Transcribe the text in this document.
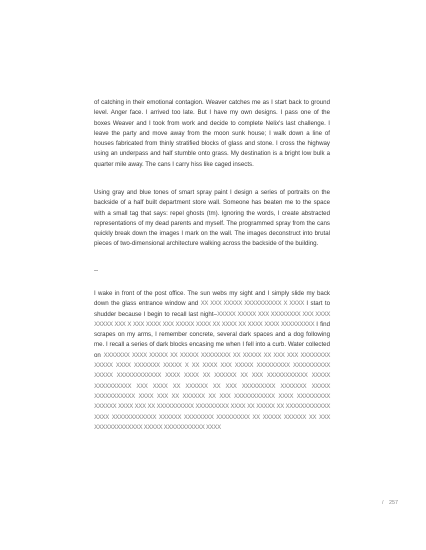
of catching in their emotional contagion. Weaver catches me as I start back to ground level. Anger face. I arrived too late. But I have my own designs. I pass one of the boxes Weaver and I took from work and decide to complete Nelix's last challenge. I leave the party and move away from the moon sunk house; I walk down a line of houses fabricated from thinly stratified blocks of glass and stone. I cross the highway using an underpass and half stumble onto grass. My destination is a bright low bulk a quarter mile away. The cans I carry hiss like caged insects.

Using gray and blue tones of smart spray paint I design a series of portraits on the backside of a half built department store wall. Someone has beaten me to the space with a small tag that says: repel ghosts (tm). Ignoring the words, I create abstracted representations of my dead parents and myself. The programmed spray from the cans quickly break down the images I mark on the wall. The images deconstruct into brutal pieces of two-dimensional architecture walking across the backside of the building.

--

I wake in front of the post office. The sun webs my sight and I simply slide my back down the glass entrance window and XX XXX XXXXX XXXXXXXXXX X XXXX I start to shudder because I begin to recall last night–XXXXX XXXXX XXX XXXXXXXX XXX XXXX XXXXX XXX X XXX XXXX XXX XXXXX XXXX XX XXXX XX XXXX XXXX XXXXXXXXX I find scrapes on my arms, I remember concrete, several dark spaces and a dog following me. I recall a series of dark blocks encasing me when I fell into a curb. Water collected on XXXXXXX XXXX XXXXX XX XXXXX XXXXXXXX XX XXXXX XX XXX XXX XXXXXXXX XXXXX XXXX XXXXXXX XXXXX X XX XXXX XXX XXXXX XXXXXXXXX XXXXXXXXXX XXXXX XXXXXXXXXXXX XXXX XXXX XX XXXXXX XX XXX XXXXXXXXXXX XXXXX XXXXXXXXXX XXX XXXX XX XXXXXX XX XXX XXXXXXXXX XXXXXXX XXXXX XXXXXXXXXXX XXXX XXX XX XXXXXX XX XXX XXXXXXXXXXX XXXX XXXXXXXXX XXXXXX XXXX XXX XX XXXXXXXXXX XXXXXXXXX XXXX XX XXXXX XX XXXXXXXXXXXX XXXX XXXXXXXXXXXX XXXXXX XXXXXXXX XXXXXXXXX XX XXXXX XXXXXX XX XXX XXXXXXXXXXXXX XXXXX XXXXXXXXXXX XXXX

/ 257
